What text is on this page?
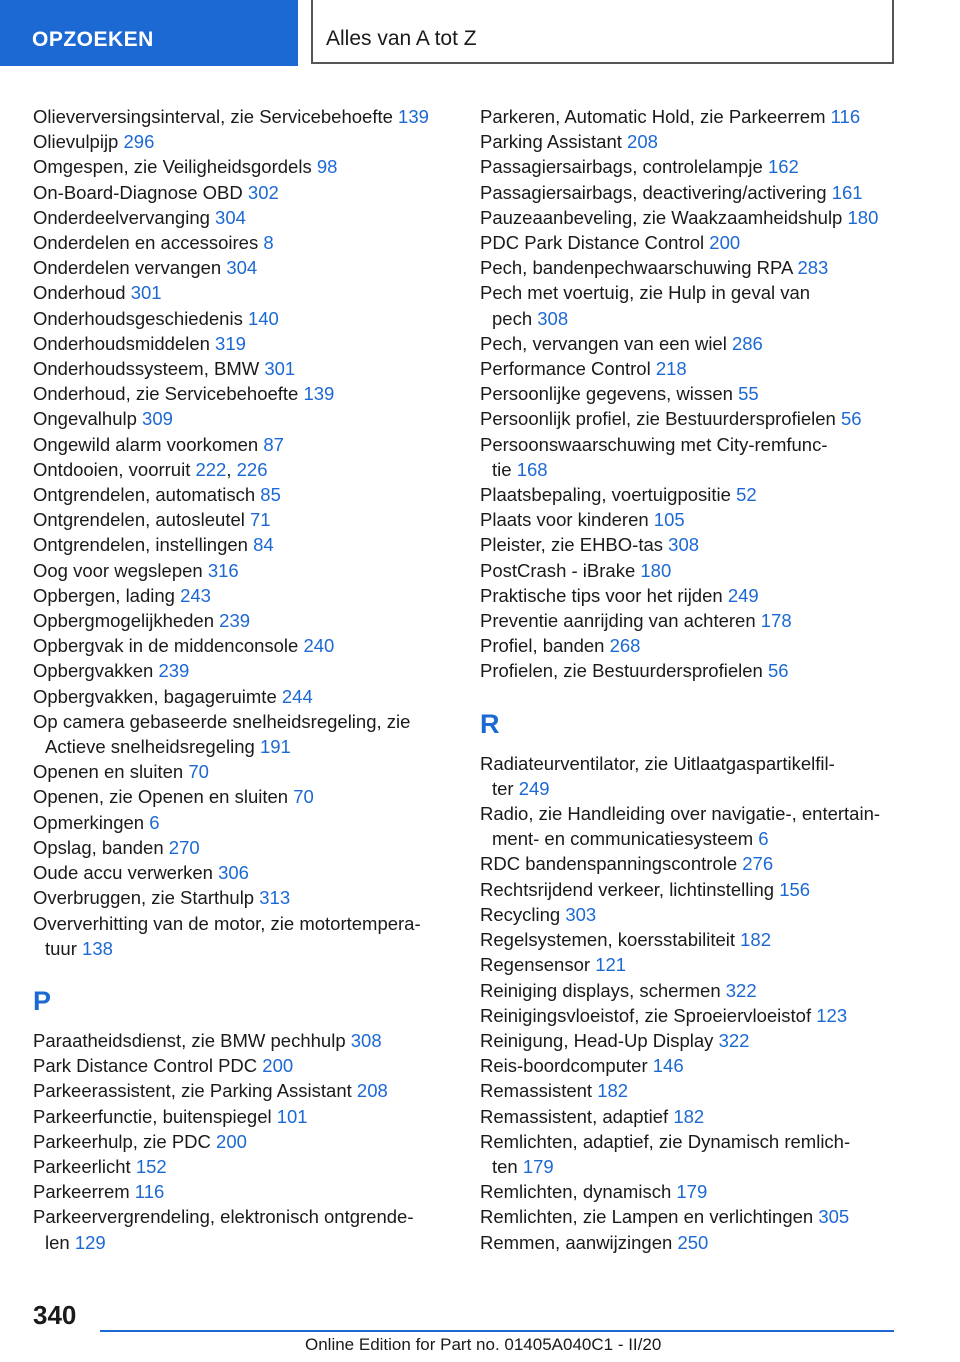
OPZOEKEN	Alles van A tot Z
Olieverversingsinterval, zie Servicebehoefte 139
Olievulpijp 296
Omgespen, zie Veiligheidsgordels 98
On-Board-Diagnose OBD 302
Onderdeelvervanging 304
Onderdelen en accessoires 8
Onderdelen vervangen 304
Onderhoud 301
Onderhoudsgeschiedenis 140
Onderhoudsmiddelen 319
Onderhoudssysteem, BMW 301
Onderhoud, zie Servicebehoefte 139
Ongevalhulp 309
Ongewild alarm voorkomen 87
Ontdooien, voorruit 222, 226
Ontgrendelen, automatisch 85
Ontgrendelen, autosleutel 71
Ontgrendelen, instellingen 84
Oog voor wegslepen 316
Opbergen, lading 243
Opbergmogelijkheden 239
Opbergvak in de middenconsole 240
Opbergvakken 239
Opbergvakken, bagageruimte 244
Op camera gebaseerde snelheidsregeling, zie
Actieve snelheidsregeling 191
Openen en sluiten 70
Openen, zie Openen en sluiten 70
Opmerkingen 6
Opslag, banden 270
Oude accu verwerken 306
Overbruggen, zie Starthulp 313
Oververhitting van de motor, zie motortempera-
tuur 138
P
Paraatheidsdienst, zie BMW pechhulp 308
Park Distance Control PDC 200
Parkeerassistent, zie Parking Assistant 208
Parkeerfunctie, buitenspiegel 101
Parkeerhulp, zie PDC 200
Parkeerlicht 152
Parkeerrem 116
Parkeervergrendeling, elektronisch ontgrende-
len 129
Parkeren, Automatic Hold, zie Parkeerrem 116
Parking Assistant 208
Passagiersairbags, controlelampje 162
Passagiersairbags, deactivering/activering 161
Pauzeaanbeveling, zie Waakzaamheidshulp 180
PDC Park Distance Control 200
Pech, bandenpechwaarschuwing RPA 283
Pech met voertuig, zie Hulp in geval van
pech 308
Pech, vervangen van een wiel 286
Performance Control 218
Persoonlijke gegevens, wissen 55
Persoonlijk profiel, zie Bestuurdersprofielen 56
Persoonswaarschuwing met City-remfunc-
tie 168
Plaatsbepaling, voertuigpositie 52
Plaats voor kinderen 105
Pleister, zie EHBO-tas 308
PostCrash - iBrake 180
Praktische tips voor het rijden 249
Preventie aanrijding van achteren 178
Profiel, banden 268
Profielen, zie Bestuurdersprofielen 56
R
Radiateurventilator, zie Uitlaatgaspartikelfil-
ter 249
Radio, zie Handleiding over navigatie-, entertain-
ment- en communicatiesysteem 6
RDC bandenspanningscontrole 276
Rechtsrijdend verkeer, lichtinstelling 156
Recycling 303
Regelsystemen, koersstabiliteit 182
Regensensor 121
Reiniging displays, schermen 322
Reinigingsvloeistof, zie Sproeiervloeistof 123
Reinigung, Head-Up Display 322
Reis-boordcomputer 146
Remassistent 182
Remassistent, adaptief 182
Remlichten, adaptief, zie Dynamisch remlich-
ten 179
Remlichten, dynamisch 179
Remlichten, zie Lampen en verlichtingen 305
Remmen, aanwijzingen 250
340
Online Edition for Part no. 01405A040C1 - II/20
